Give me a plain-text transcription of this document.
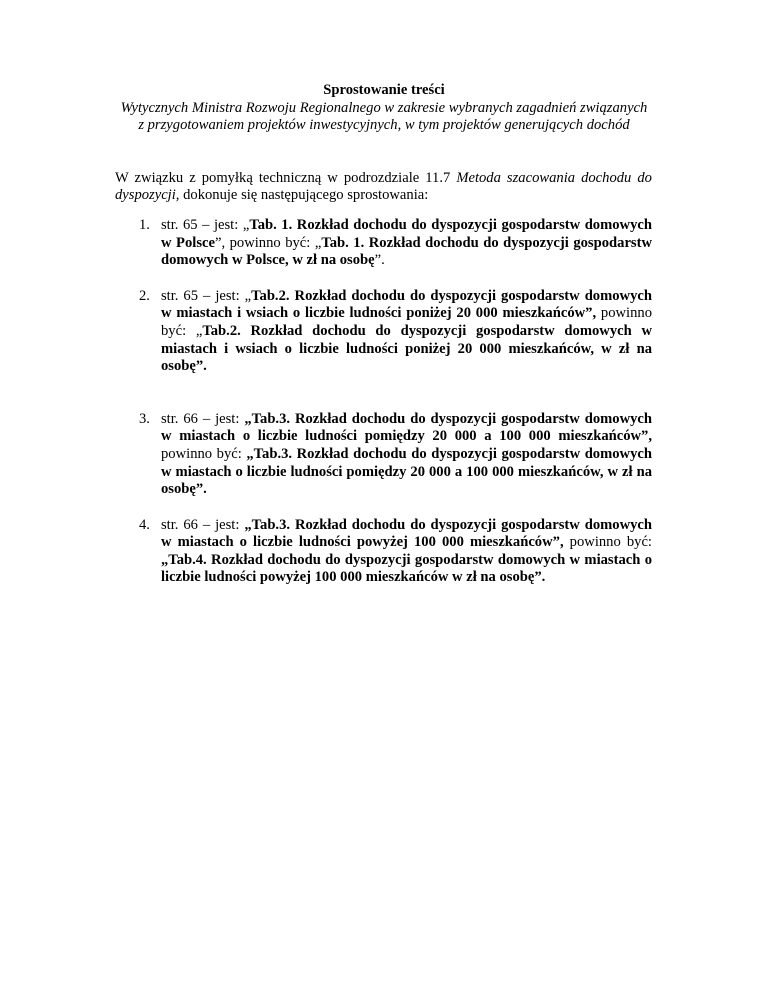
Sprostowanie treści
Wytycznych Ministra Rozwoju Regionalnego w zakresie wybranych zagadnień związanych
z przygotowaniem projektów inwestycyjnych, w tym projektów generujących dochód

W związku z pomyłką techniczną w podrozdziale 11.7 Metoda szacowania dochodu do dyspozycji, dokonuje się następującego sprostowania:

1. str. 65 – jest: „Tab. 1. Rozkład dochodu do dyspozycji gospodarstw domowych w Polsce”, powinno być: „Tab. 1. Rozkład dochodu do dyspozycji gospodarstw domowych w Polsce, w zł na osobę”.
2. str. 65 – jest: „Tab.2. Rozkład dochodu do dyspozycji gospodarstw domowych w miastach i wsiach o liczbie ludności poniżej 20 000 mieszkańców”, powinno być: „Tab.2. Rozkład dochodu do dyspozycji gospodarstw domowych w miastach i wsiach o liczbie ludności poniżej 20 000 mieszkańców, w zł na osobę”.
3. str. 66 – jest: „Tab.3. Rozkład dochodu do dyspozycji gospodarstw domowych w miastach o liczbie ludności pomiędzy 20 000 a 100 000 mieszkańców”, powinno być: „Tab.3. Rozkład dochodu do dyspozycji gospodarstw domowych w miastach o liczbie ludności pomiędzy 20 000 a 100 000 mieszkańców, w zł na osobę”.
4. str. 66 – jest: „Tab.3. Rozkład dochodu do dyspozycji gospodarstw domowych w miastach o liczbie ludności powyżej 100 000 mieszkańców”, powinno być: „Tab.4. Rozkład dochodu do dyspozycji gospodarstw domowych w miastach o liczbie ludności powyżej 100 000 mieszkańców w zł na osobę”.
